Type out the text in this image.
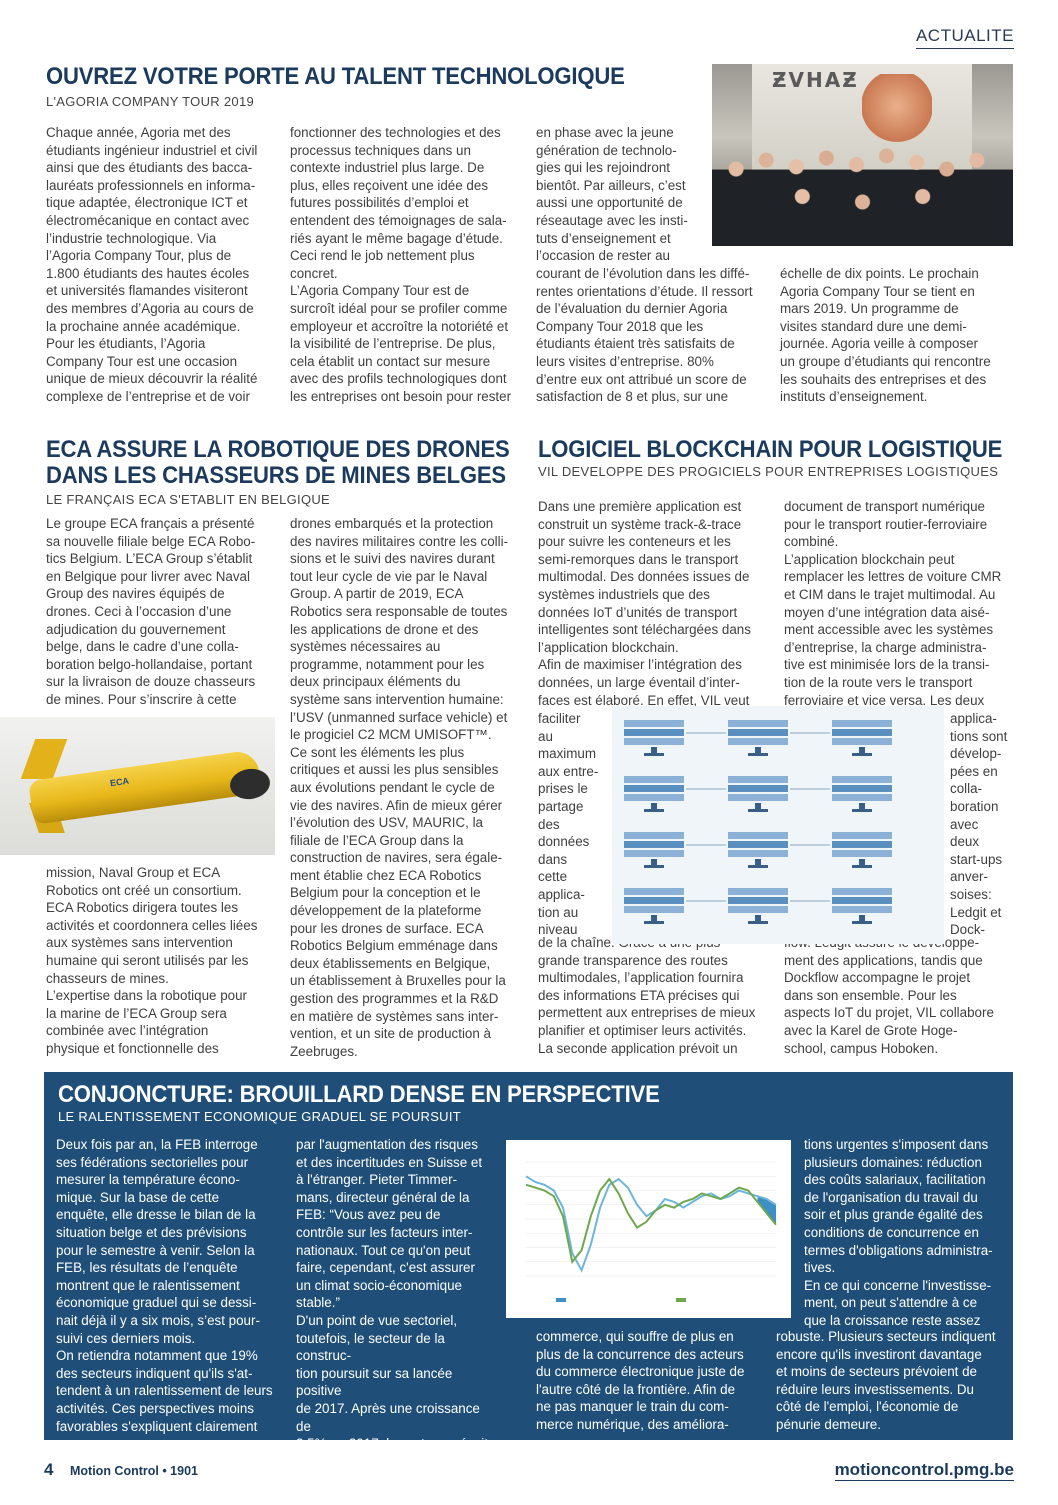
ACTUALITE
OUVREZ VOTRE PORTE AU TALENT TECHNOLOGIQUE
L'AGORIA COMPANY TOUR 2019
Chaque année, Agoria met des
étudiants ingénieur industriel et civil
ainsi que des étudiants des bacca-
lauréats professionnels en informa-
tique adaptée, électronique ICT et
électromécanique en contact avec
l’industrie technologique. Via
l’Agoria Company Tour, plus de
1.800 étudiants des hautes écoles
et universités flamandes visiteront
des membres d’Agoria au cours de
la prochaine année académique.
Pour les étudiants, l’Agoria
Company Tour est une occasion
unique de mieux découvrir la réalité
complexe de l’entreprise et de voir
fonctionner des technologies et des
processus techniques dans un
contexte industriel plus large. De
plus, elles reçoivent une idée des
futures possibilités d’emploi et
entendent des témoignages de sala-
riés ayant le même bagage d’étude.
Ceci rend le job nettement plus
concret.
L’Agoria Company Tour est de
surcroît idéal pour se profiler comme
employeur et accroître la notoriété et
la visibilité de l’entreprise. De plus,
cela établit un contact sur mesure
avec des profils technologiques dont
les entreprises ont besoin pour rester
en phase avec la jeune
génération de technolo-
gies qui les rejoindront
bientôt. Par ailleurs, c’est
aussi une opportunité de
réseautage avec les insti-
tuts d’enseignement et
l’occasion de rester au
courant de l’évolution dans les diffé-
rentes orientations d’étude. Il ressort
de l’évaluation du dernier Agoria
Company Tour 2018 que les
étudiants étaient très satisfaits de
leurs visites d’entreprise. 80%
d’entre eux ont attribué un score de
satisfaction de 8 et plus, sur une
échelle de dix points. Le prochain
Agoria Company Tour se tient en
mars 2019. Un programme de
visites standard dure une demi-
journée. Agoria veille à composer
un groupe d’étudiants qui rencontre
les souhaits des entreprises et des
instituts d’enseignement.
ƵVHAƵ
ECA ASSURE LA ROBOTIQUE DES DRONES
DANS LES CHASSEURS DE MINES BELGES
LE FRANÇAIS ECA S'ETABLIT EN BELGIQUE
Le groupe ECA français a présenté
sa nouvelle filiale belge ECA Robo-
tics Belgium. L’ECA Group s’établit
en Belgique pour livrer avec Naval
Group des navires équipés de
drones. Ceci à l’occasion d’une
adjudication du gouvernement
belge, dans le cadre d’une colla-
boration belgo-hollandaise, portant
sur la livraison de douze chasseurs
de mines. Pour s’inscrire à cette
ECA
mission, Naval Group et ECA
Robotics ont créé un consortium.
ECA Robotics dirigera toutes les
activités et coordonnera celles liées
aux systèmes sans intervention
humaine qui seront utilisés par les
chasseurs de mines.
L’expertise dans la robotique pour
la marine de l’ECA Group sera
combinée avec l’intégration
physique et fonctionnelle des
drones embarqués et la protection
des navires militaires contre les colli-
sions et le suivi des navires durant
tout leur cycle de vie par le Naval
Group. A partir de 2019, ECA
Robotics sera responsable de toutes
les applications de drone et des
systèmes nécessaires au
programme, notamment pour les
deux principaux éléments du
système sans intervention humaine:
l’USV (unmanned surface vehicle) et
le progiciel C2 MCM UMISOFT™.
Ce sont les éléments les plus
critiques et aussi les plus sensibles
aux évolutions pendant le cycle de
vie des navires. Afin de mieux gérer
l’évolution des USV, MAURIC, la
filiale de l’ECA Group dans la
construction de navires, sera égale-
ment établie chez ECA Robotics
Belgium pour la conception et le
développement de la plateforme
pour les drones de surface. ECA
Robotics Belgium emménage dans
deux établissements en Belgique,
un établissement à Bruxelles pour la
gestion des programmes et la R&D
en matière de systèmes sans inter-
vention, et un site de production à
Zeebruges.
LOGICIEL BLOCKCHAIN POUR LOGISTIQUE
VIL DEVELOPPE DES PROGICIELS POUR ENTREPRISES LOGISTIQUES
Dans une première application est
construit un système track-&-trace
pour suivre les conteneurs et les
semi-remorques dans le transport
multimodal. Des données issues de
systèmes industriels que des
données IoT d’unités de transport
intelligentes sont téléchargées dans
l’application blockchain.
Afin de maximiser l’intégration des
données, un large éventail d’inter-
faces est élaboré. En effet, VIL veut
faciliter
au
maximum
aux entre-
prises le
partage
des
données
dans
cette
applica-
tion au
niveau
de la chaîne. Grâce à une plus
grande transparence des routes
multimodales, l’application fournira
des informations ETA précises qui
permettent aux entreprises de mieux
planifier et optimiser leurs activités.
La seconde application prévoit un
document de transport numérique
pour le transport routier-ferroviaire
combiné.
L’application blockchain peut
remplacer les lettres de voiture CMR
et CIM dans le trajet multimodal. Au
moyen d’une intégration data aisé-
ment accessible avec les systèmes
d’entreprise, la charge administra-
tive est minimisée lors de la transi-
tion de la route vers le transport
ferroviaire et vice versa. Les deux
applica-
tions sont
dévelop-
pées en
colla-
boration
avec
deux
start-ups
anver-
soises:
Ledgit et
Dock-
flow. Ledgit assure le développe-
ment des applications, tandis que
Dockflow accompagne le projet
dans son ensemble. Pour les
aspects IoT du projet, VIL collabore
avec la Karel de Grote Hoge-
school, campus Hoboken.
CONJONCTURE: BROUILLARD DENSE EN PERSPECTIVE
LE RALENTISSEMENT ECONOMIQUE GRADUEL SE POURSUIT
Deux fois par an, la FEB interroge
ses fédérations sectorielles pour
mesurer la température écono-
mique. Sur la base de cette
enquête, elle dresse le bilan de la
situation belge et des prévisions
pour le semestre à venir. Selon la
FEB, les résultats de l’enquête
montrent que le ralentissement
économique graduel qui se dessi-
nait déjà il y a six mois, s’est pour-
suivi ces derniers mois.
On retiendra notamment que 19%
des secteurs indiquent qu'ils s'at-
tendent à un ralentissement de leurs
activités. Ces perspectives moins
favorables s'expliquent clairement
par l'augmentation des risques
et des incertitudes en Suisse et
à l'étranger. Pieter Timmer-
mans, directeur général de la
FEB: “Vous avez peu de
contrôle sur les facteurs inter-
nationaux. Tout ce qu'on peut
faire, cependant, c'est assurer
un climat socio-économique
stable.”
D'un point de vue sectoriel,
toutefois, le secteur de la construc-
tion poursuit sur sa lancée positive
de 2017. Après une croissance de
2,5% en 2017, le secteur prévoit
une croissance tout aussi forte en
2018. Cela contraste avec le
commerce, qui souffre de plus en
plus de la concurrence des acteurs
du commerce électronique juste de
l'autre côté de la frontière. Afin de
ne pas manquer le train du com-
merce numérique, des améliora-
tions urgentes s'imposent dans
plusieurs domaines: réduction
des coûts salariaux, facilitation
de l'organisation du travail du
soir et plus grande égalité des
conditions de concurrence en
termes d'obligations administra-
tives.
En ce qui concerne l'investisse-
ment, on peut s'attendre à ce
que la croissance reste assez
robuste. Plusieurs secteurs indiquent
encore qu'ils investiront davantage
et moins de secteurs prévoient de
réduire leurs investissements. Du
côté de l'emploi, l'économie de
pénurie demeure.
4 Motion Control • 1901	motioncontrol.pmg.be
